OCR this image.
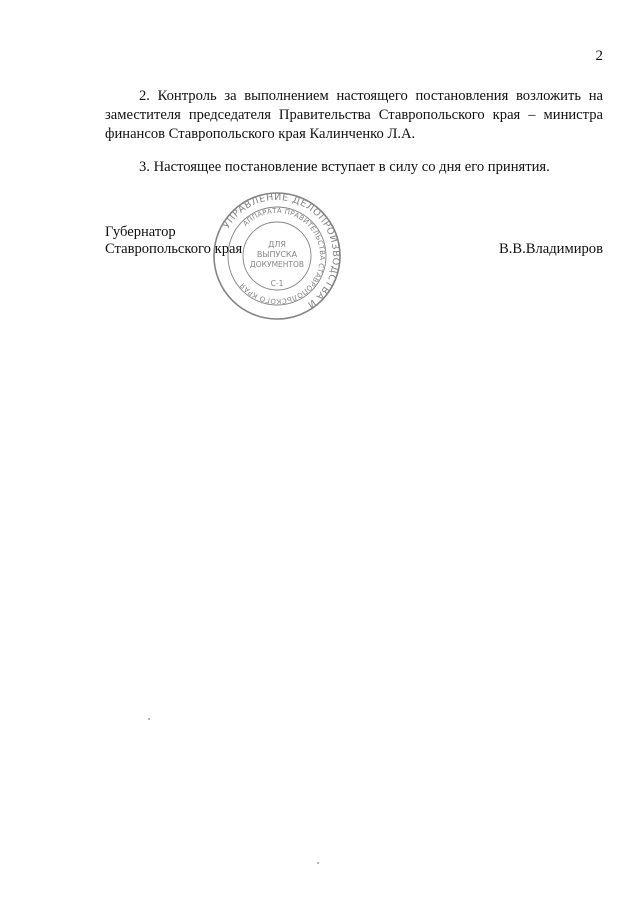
2

2. Контроль за выполнением настоящего постановления возложить на заместителя председателя Правительства Ставропольского края – министра финансов Ставропольского края Калинченко Л.А.

3. Настоящее постановление вступает в силу со дня его принятия.

Губернатор
Ставропольского края	В.В.Владимиров
УПРАВЛЕНИЕ ДЕЛОПРОИЗВОДСТВА И
АППАРАТА ПРАВИТЕЛЬСТВА СТАВРОПОЛЬСКОГО КРАЯ
ДЛЯ
ВЫПУСКА
ДОКУМЕНТОВ
С-1
